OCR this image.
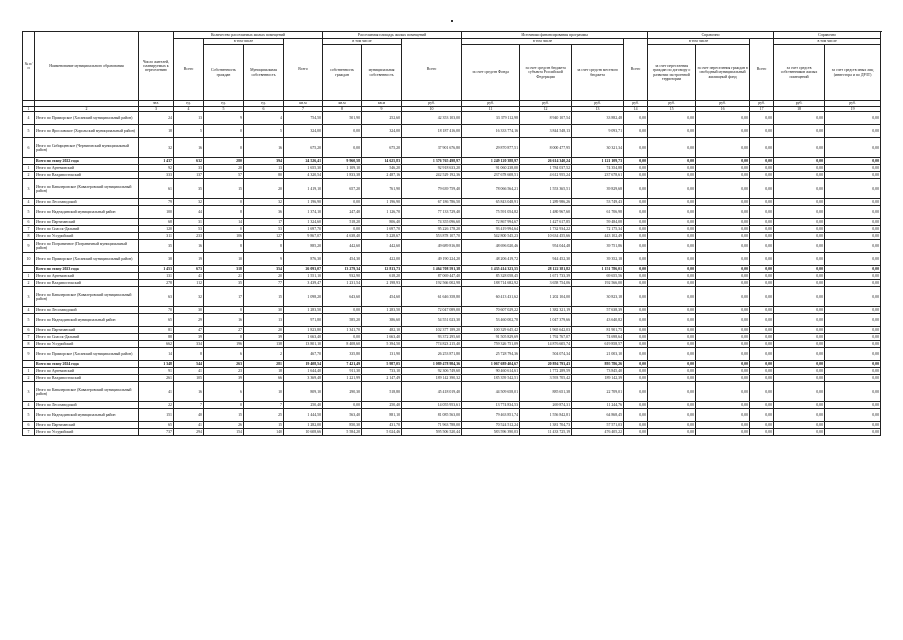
№ п/п	Наименование муниципального образования	Число жителей, планируемых к переселению	Количество расселяемых жилых помещений				Расселяемая площадь жилых помещений			Источники финансирования программы				Справочно			Справочно	
			Всего	в том числе		Всего	в том числе		Всего	в том числе			Всего	в том числе		Всего	в том числе	
				Собственность граждан	Муниципальная собственность		собственность граждан	муниципальная собственность		за счет средств Фонда	за счет средств бюджета субъекта Российской Федерации	за счет средств местного бюджета		за счет переселения граждан по договору о развитии застроенной территории	за счет переселения граждан в свободный муниципальный жилищный фонд		за счет средств собственников жилых помещений	за счет средств иных лиц (инвестора и по ДРЗТ)
		чел.	ед.	ед.	ед.	кв.м	кв.м	кв.м	руб.	руб.	руб.	руб.	руб.	руб.	руб.	руб.	руб.	руб.
1	2	3	4	5	6	7	8	9	10	11	12	13	14	15	16	17	18	19
4	Итого по Приморское (Хасанский муниципальный район)	24	13	9	4	754,50	501,90	252,60	42 353 103,00	33 379 112,98	8 940 107,54	33 882,48	0,00	0,00	0,00	0,00	0,00	0,00
5	Итого по Ярославское (Хорольский муниципальный район)	18	5	0	5	324,00	0,00	324,00	18 187 416,00	16 333 774,16	3 844 548,13	9 093,71	0,00	0,00	0,00	0,00	0,00	0,00
6	Итого по Сибирцевское (Черниговский муниципальный район)	32	16	0	16	675,20	0,00	675,20	37 901 676,80	29 870 877,51	8 000 477,95	30 321,34	0,00	0,00	0,00	0,00	0,00	0,00
	Всего по этапу 2022 года	1 437	632	280	394	24 526,41	9 960,58	14 625,83	1 376 765 498,97	1 249 120 388,97	26 614 340,24	1 121 109,73	0,00	0,00	0,00	0,00	0,00	0,00
1	Итого по Артемовский	92	33	20	13	1 655,30	1 109,10	546,20	92 918 633,20	91 060 238,00	1 784 037,52	74 354,88	0,00	0,00	0,00	0,00	0,00	0,00
2	Итого по Владивостокский	333	137	57	80	4 320,54	1 833,38	2 487,16	242 529 192,36	237 678 608,51	4 612 955,24	237 678,61	0,00	0,00	0,00	0,00	0,00	0,00
3	Итого по Кавалеровское (Кавалеровский муниципальный район)	61	35	15	20	1 419,10	657,20	761,90	79 639 759,40	78 066 564,21	1 553 365,51	39 829,68	0,00	0,00	0,00	0,00	0,00	0,00
4	Итого по Лесозаводский	79	32	0	32	1 196,90	0,00	1 196,90	67 186 786,50	65 843 048,91	1 289 986,26	53 749,43	0,00	0,00	0,00	0,00	0,00	0,00
5	Итого по Надеждинский муниципальный район	100	44	8	36	1 374,10	247,40	1 126,70	77 133 729,40	75 591 054,82	1 480 967,60	61 706,98	0,00	0,00	0,00	0,00	0,00	0,00
6	Итого по Партизанский	68	31	14	17	1 324,60	518,20	806,40	74 355 096,60	72 867 994,67	1 427 617,85	59 484,08	0,00	0,00	0,00	0,00	0,00	0,00
7	Итого по Спасск-Дальний	120	53	0	53	1 697,70	0,00	1 697,70	95 226 178,20	93 419 994,64	1 732 934,22	72 175,34	0,00	0,00	0,00	0,00	0,00	0,00
8	Итого по Уссурийский	311	233	106	127	9 867,07	4 638,40	5 228,67	553 878 107,70	542 800 545,23	10 634 455,66	443 102,49	0,00	0,00	0,00	0,00	0,00	0,00
9	Итого по Пограничное (Пограничный муниципальный район)	35	16	8	8	885,20	442,60	442,60	49 689 816,80	48 696 020,46	954 044,48	39 751,86	0,00	0,00	0,00	0,00	0,00	0,00
10	Итого по Приморское (Хасанский муниципальный район)	38	19	10	9	876,30	454,30	422,00	49 190 224,20	48 206 419,72	944 452,30	39 352,18	0,00	0,00	0,00	0,00	0,00	0,00
	Всего по этапу 2023 года	1 453	673	318	354	26 093,07	13 279,34	12 813,73	1 464 708 591,38	1 435 414 323,55	28 122 381,82	1 151 786,01	0,00	0,00	0,00	0,00	0,00	0,00
1	Итого по Артемовский	131	41	21	20	1 551,10	932,90	618,20	87 069 447,40	85 328 058,45	1 671 733,39	69 655,56	0,00	0,00	0,00	0,00	0,00	0,00
2	Итого по Владивостокский	278	112	35	77	3 439,47	1 231,54	2 198,93	192 566 002,98	188 714 682,92	3 658 754,06	192 566,00	0,00	0,00	0,00	0,00	0,00	0,00
3	Итого по Кавалеровское (Кавалеровский муниципальный район)	63	32	17	15	1 098,20	643,60	454,60	61 646 358,80	60 413 431,62	1 202 104,00	30 823,18	0,00	0,00	0,00	0,00	0,00	0,00
4	Итого по Лесозаводский	70	30	0	30	1 283,50	0,00	1 283,50	72 047 089,00	70 607 029,22	1 382 321,19	57 638,39	0,00	0,00	0,00	0,00	0,00	0,00
5	Итого по Надеждинский муниципальный район	65	29	16	13	971,80	585,20	386,60	54 551 023,30	53 460 002,78	1 047 379,66	43 640,82	0,00	0,00	0,00	0,00	0,00	0,00
6	Итого по Партизанский	81	47	27	20	1 823,80	1 341,70	482,10	102 377 189,20	100 329 645,42	1 965 642,03	81 901,75	0,00	0,00	0,00	0,00	0,00	0,00
7	Итого по Спасск-Дальний	88	39	0	39	1 663,40	0,00	1 663,40	93 372 295,60	91 505 829,69	1 792 767,07	74 698,64	0,00	0,00	0,00	0,00	0,00	0,00
8	Итого по Уссурийский	662	334	196	138	13 801,10	8 408,60	5 394,50	774 823 215,40	759 326 751,09	14 876 605,74	619 858,57	0,00	0,00	0,00	0,00	0,00	0,00
9	Итого по Приморское (Хасанский муниципальный район)	14	8	6	2	467,70	335,80	131,90	26 253 871,80	25 728 794,36	504 074,34	21 003,10	0,00	0,00	0,00	0,00	0,00	0,00
	Всего по этапу 2024 года	1 348	544	263	281	19 408,54	7 421,49	5 987,05	1 089 478 984,36	1 067 689 404,67	20 894 793,43	895 786,26	0,00	0,00	0,00	0,00	0,00	0,00
1	Итого по Артемовский	91	41	23	18	1 644,40	911,30	733,10	92 306 749,60	90 460 614,61	1 772 289,59	73 845,40	0,00	0,00	0,00	0,00	0,00	0,00
2	Итого по Владивостокский	261	105	39	66	3 369,48	1 221,99	2 147,49	189 142 390,32	185 359 542,51	3 593 705,42	189 142,39	0,00	0,00	0,00	0,00	0,00	0,00
3	Итого по Кавалеровское (Кавалеровский муниципальный район)	41	16	6	10	809,10	290,30	518,80	45 418 019,40	44 509 658,01	885 651,38	22 709,01	0,00	0,00	0,00	0,00	0,00	0,00
4	Итого по Лесозаводский	22	7	0	7	250,40	0,00	250,40	14 055 953,61	13 774 834,53	269 874,31	11 244,76	0,00	0,00	0,00	0,00	0,00	0,00
5	Итого по Надеждинский муниципальный район	151	40	15	25	1 444,50	563,40	881,10	81 085 563,00	79 463 851,74	1 556 842,81	64 868,45	0,00	0,00	0,00	0,00	0,00	0,00
6	Итого по Партизанский	65	41	26	15	1 282,00	850,30	431,70	71 963 788,00	70 524 512,24	1 381 704,73	57 571,03	0,00	0,00	0,00	0,00	0,00	0,00
7	Итого по Уссурийский	737	294	154	140	10 608,66	5 584,20	5 024,46	595 506 520,44	583 596 390,03	11 433 725,19	476 405,22	0,00	0,00	0,00	0,00	0,00	0,00
